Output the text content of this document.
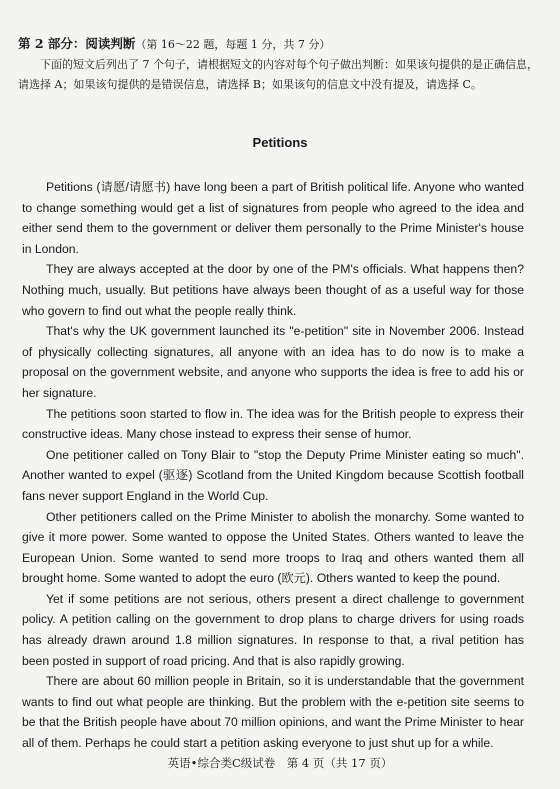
第 2 部分：阅读判断（第 16～22 题，每题 1 分，共 7 分）

下面的短文后列出了 7 个句子，请根据短文的内容对每个句子做出判断：如果该句提供的是正确信息，请选择 A；如果该句提供的是错误信息，请选择 B；如果该句的信息文中没有提及，请选择 C。

Petitions

Petitions (请愿/请愿书) have long been a part of British political life. Anyone who wanted to change something would get a list of signatures from people who agreed to the idea and either send them to the government or deliver them personally to the Prime Minister's house in London.

They are always accepted at the door by one of the PM's officials. What happens then? Nothing much, usually. But petitions have always been thought of as a useful way for those who govern to find out what the people really think.

That's why the UK government launched its "e-petition" site in November 2006. Instead of physically collecting signatures, all anyone with an idea has to do now is to make a proposal on the government website, and anyone who supports the idea is free to add his or her signature.

The petitions soon started to flow in. The idea was for the British people to express their constructive ideas. Many chose instead to express their sense of humor.

One petitioner called on Tony Blair to "stop the Deputy Prime Minister eating so much". Another wanted to expel (驱逐) Scotland from the United Kingdom because Scottish football fans never support England in the World Cup.

Other petitioners called on the Prime Minister to abolish the monarchy. Some wanted to give it more power. Some wanted to oppose the United States. Others wanted to leave the European Union. Some wanted to send more troops to Iraq and others wanted them all brought home. Some wanted to adopt the euro (欧元). Others wanted to keep the pound.

Yet if some petitions are not serious, others present a direct challenge to government policy. A petition calling on the government to drop plans to charge drivers for using roads has already drawn around 1.8 million signatures. In response to that, a rival petition has been posted in support of road pricing. And that is also rapidly growing.

There are about 60 million people in Britain, so it is understandable that the government wants to find out what people are thinking. But the problem with the e-petition site seems to be that the British people have about 70 million opinions, and want the Prime Minister to hear all of them. Perhaps he could start a petition asking everyone to just shut up for a while.

英语•综合类C级试卷　第 4 页（共 17 页）
